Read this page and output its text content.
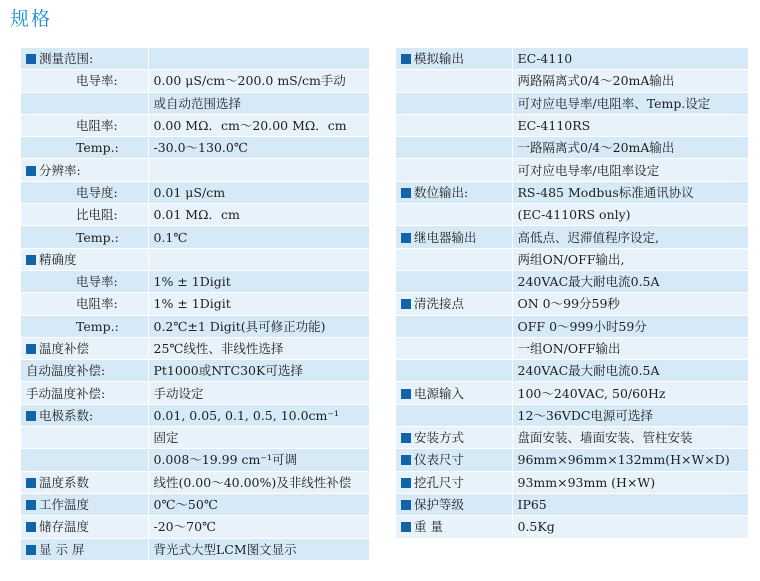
规格
测量范围:	
电导率:	0.00 μS/cm～200.0 mS/cm手动
	或自动范围选择
电阻率:	0.00 MΩ．cm～20.00 MΩ．cm
Temp.:	-30.0～130.0℃
分辨率:	
电导度:	0.01 μS/cm
比电阻:	0.01 MΩ．cm
Temp.:	0.1℃
精确度	
电导率:	1% ± 1Digit
电阻率:	1% ± 1Digit
Temp.:	0.2℃±1 Digit(具可修正功能)
温度补偿	25℃线性、非线性选择
自动温度补偿:	Pt1000或NTC30K可选择
手动温度补偿:	手动设定
电极系数:	0.01, 0.05, 0.1, 0.5, 10.0cm⁻¹
	固定
	0.008～19.99 cm⁻¹可调
温度系数	线性(0.00～40.00%)及非线性补偿
工作温度	0℃～50℃
储存温度	-20～70℃
显 示 屏	背光式大型LCM图文显示
模拟输出	EC-4110
	两路隔离式0/4～20mA输出
	可对应电导率/电阻率、Temp.设定
	EC-4110RS
	一路隔离式0/4～20mA输出
	可对应电导率/电阻率设定
数位输出:	RS-485 Modbus标准通讯协议
	(EC-4110RS only)
继电器输出	高低点、迟滞值程序设定,
	两组ON/OFF输出,
	240VAC最大耐电流0.5A
清洗接点	ON 0～99分59秒
	OFF 0～999小时59分
	一组ON/OFF输出
	240VAC最大耐电流0.5A
电源输入	100～240VAC, 50/60Hz
	12～36VDC电源可选择
安装方式	盘面安装、墙面安装、管柱安装
仪表尺寸	96mm×96mm×132mm(H×W×D)
挖孔尺寸	93mm×93mm (H×W)
保护等级	IP65
重 量	0.5Kg
